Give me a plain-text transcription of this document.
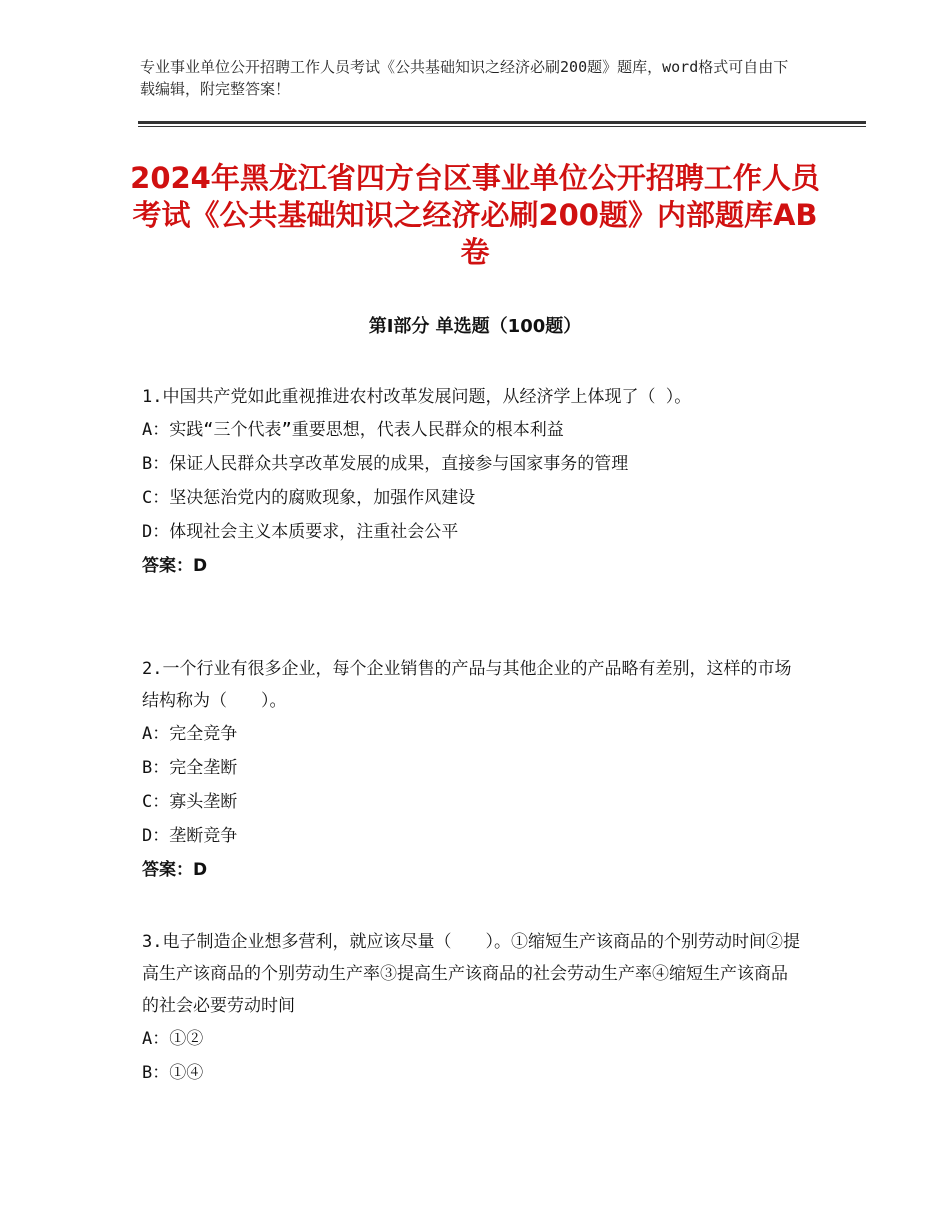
专业事业单位公开招聘工作人员考试《公共基础知识之经济必刷200题》题库，word格式可自由下载编辑，附完整答案！
2024年黑龙江省四方台区事业单位公开招聘工作人员考试《公共基础知识之经济必刷200题》内部题库AB卷
第Ⅰ部分 单选题（100题）

1.中国共产党如此重视推进农村改革发展问题，从经济学上体现了（ ）。

A：实践“三个代表”重要思想，代表人民群众的根本利益

B：保证人民群众共享改革发展的成果，直接参与国家事务的管理

C：坚决惩治党内的腐败现象，加强作风建设

D：体现社会主义本质要求，注重社会公平

答案：D

2.一个行业有很多企业，每个企业销售的产品与其他企业的产品略有差别，这样的市场结构称为（　　）。

A：完全竞争

B：完全垄断

C：寡头垄断

D：垄断竞争

答案：D

3.电子制造企业想多营利，就应该尽量（　　）。①缩短生产该商品的个别劳动时间②提高生产该商品的个别劳动生产率③提高生产该商品的社会劳动生产率④缩短生产该商品的社会必要劳动时间

A：①②

B：①④
